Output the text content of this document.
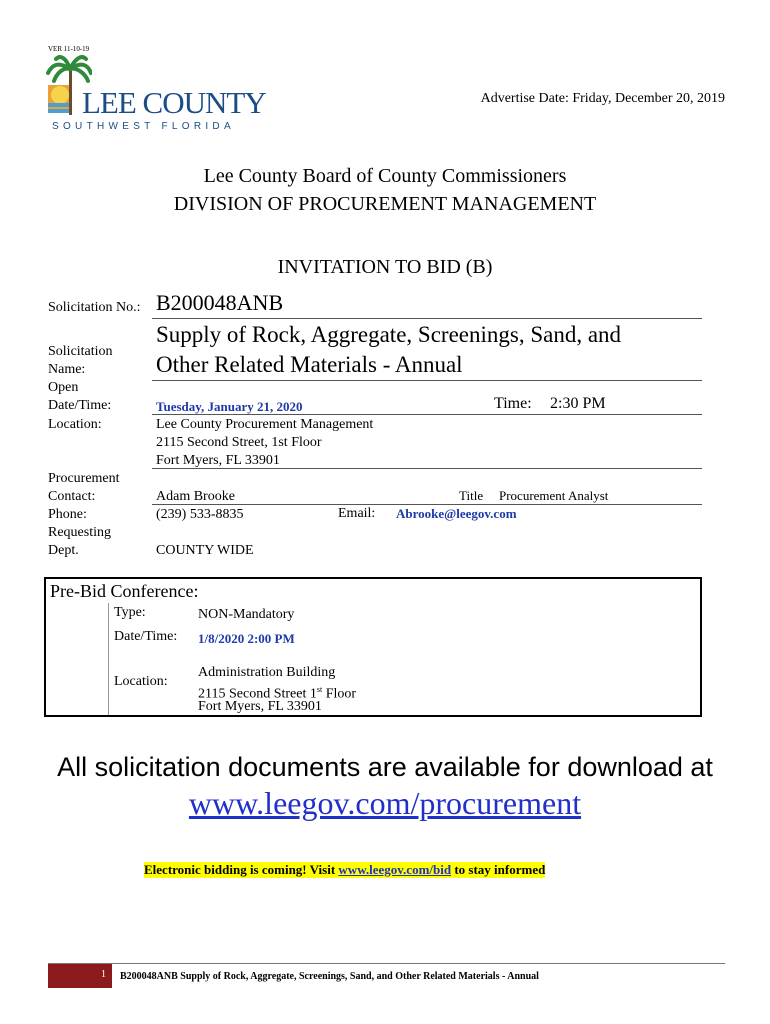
VER 11-10-19
LEE COUNTY
SOUTHWEST FLORIDA
Advertise Date: Friday, December 20, 2019
Lee County Board of County Commissioners
DIVISION OF PROCUREMENT MANAGEMENT
INVITATION TO BID (B)
Solicitation No.: B200048ANB
Solicitation
Name:
Supply of Rock, Aggregate, Screenings, Sand, and
Other Related Materials - Annual
Open
Date/Time:	Tuesday, January 21, 2020	Time: 2:30 PM
Location:	Lee County Procurement Management
2115 Second Street, 1st Floor
Fort Myers, FL 33901
Procurement
Contact:	Adam Brooke	Title Procurement Analyst
Phone:	(239) 533-8835	Email: Abrooke@leegov.com
Requesting
Dept.	COUNTY WIDE
Pre-Bid Conference:
Type:	NON-Mandatory
Date/Time: 1/8/2020 2:00 PM
Location:
Administration Building
2115 Second Street 1st Floor
Fort Myers, FL 33901
All solicitation documents are available for download at
www.leegov.com/procurement
Electronic bidding is coming! Visit www.leegov.com/bid to stay informed
1 B200048ANB Supply of Rock, Aggregate, Screenings, Sand, and Other Related Materials - Annual
